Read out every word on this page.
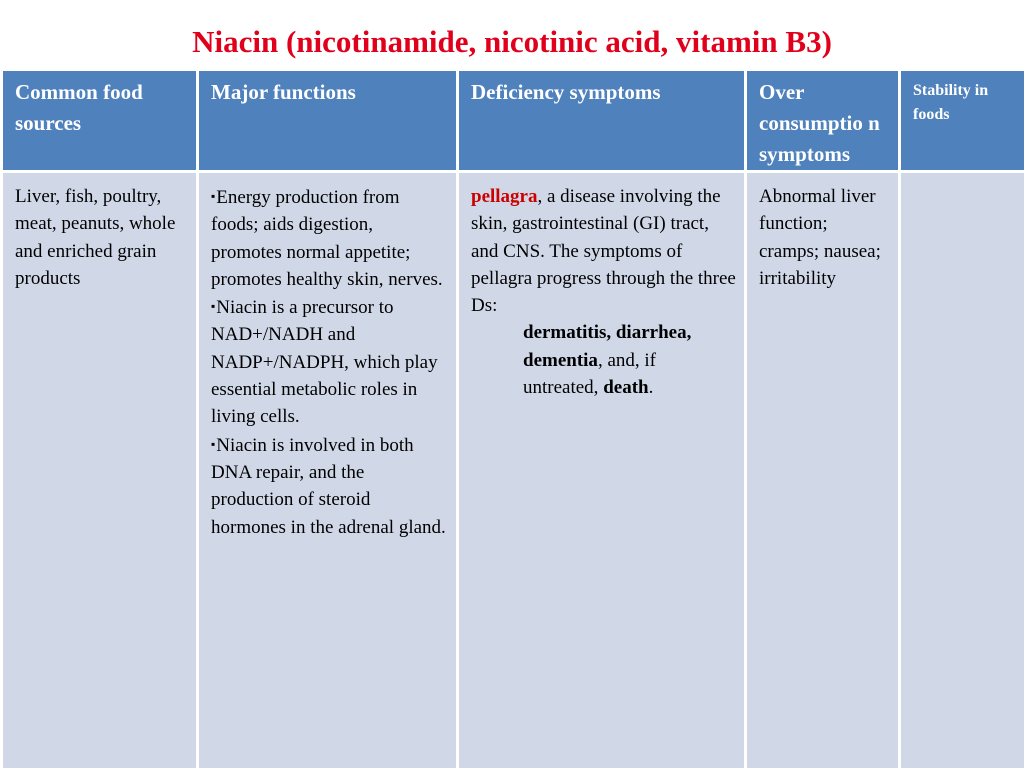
Niacin (nicotinamide, nicotinic acid, vitamin B3)
Common food sources
Major functions	Deficiency symptoms	Over consumptio n symptoms
Stability in foods

Liver, fish, poultry, meat, peanuts, whole and enriched grain products

▪Energy production from foods; aids digestion, promotes normal appetite; promotes healthy skin, nerves.

▪Niacin is a precursor to NAD+/NADH and NADP+/NADPH, which play essential metabolic roles in living cells.

▪Niacin is involved in both DNA repair, and the production of steroid hormones in the adrenal gland.

pellagra, a disease involving the skin, gastrointestinal (GI) tract, and CNS. The symptoms of pellagra progress through the three Ds:

dermatitis, diarrhea, dementia, and, if untreated, death.

Abnormal liver function; cramps; nausea; irritability
